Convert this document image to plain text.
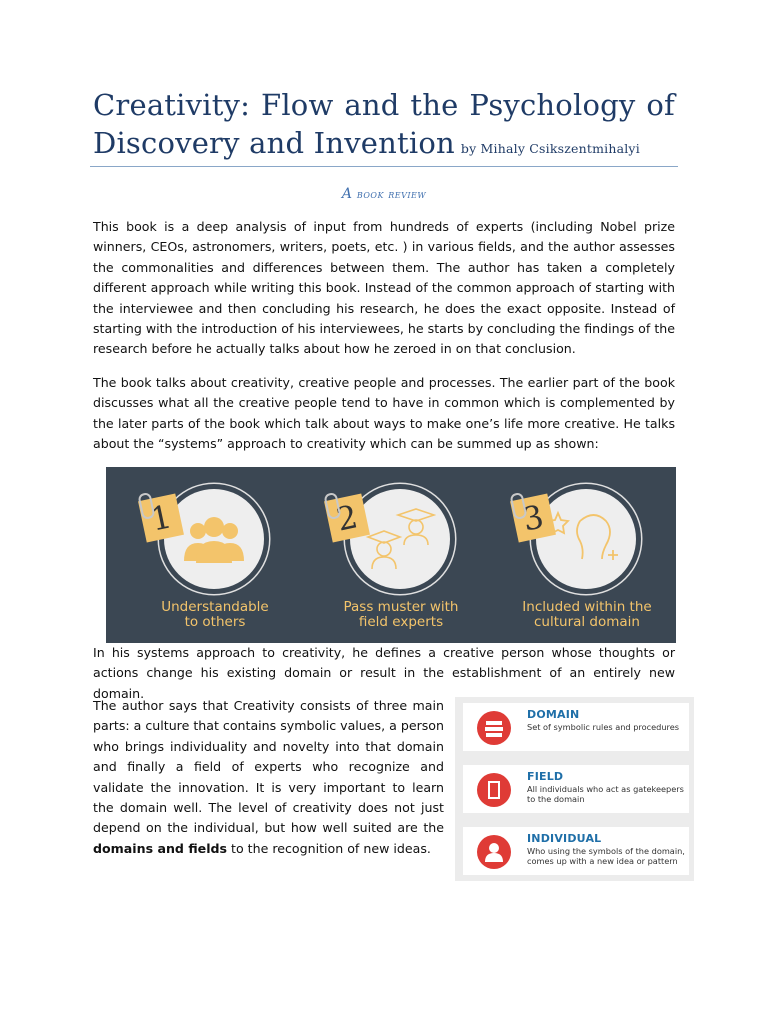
Creativity: Flow and the Psychology of
Discovery and Invention by Mihaly Csikszentmihalyi
A book review

This book is a deep analysis of input from hundreds of experts (including Nobel prize winners, CEOs, astronomers, writers, poets, etc. ) in various fields, and the author assesses the commonalities and differences between them. The author has taken a completely different approach while writing this book. Instead of the common approach of starting with the interviewee and then concluding his research, he does the exact opposite. Instead of starting with the introduction of his interviewees, he starts by concluding the findings of the research before he actually talks about how he zeroed in on that conclusion.

The book talks about creativity, creative people and processes. The earlier part of the book discusses what all the creative people tend to have in common which is complemented by the later parts of the book which talk about ways to make one’s life more creative. He talks about the “systems” approach to creativity which can be summed up as shown:

1
Understandable
to others
2
Pass muster with
field experts
3
Included within the
cultural domain

In his systems approach to creativity, he defines a creative person whose thoughts or actions change his existing domain or result in the establishment of an entirely new domain.

The author says that Creativity consists of three main parts: a culture that contains symbolic values, a person who brings individuality and novelty into that domain and finally a field of experts who recognize and validate the innovation. It is very important to learn the domain well. The level of creativity does not just depend on the individual, but how well suited are the domains and fields to the recognition of new ideas.

DOMAIN
Set of symbolic rules and procedures
FIELD
All individuals who act as gatekeepers to the domain
INDIVIDUAL
Who using the symbols of the domain, comes up with a new idea or pattern
